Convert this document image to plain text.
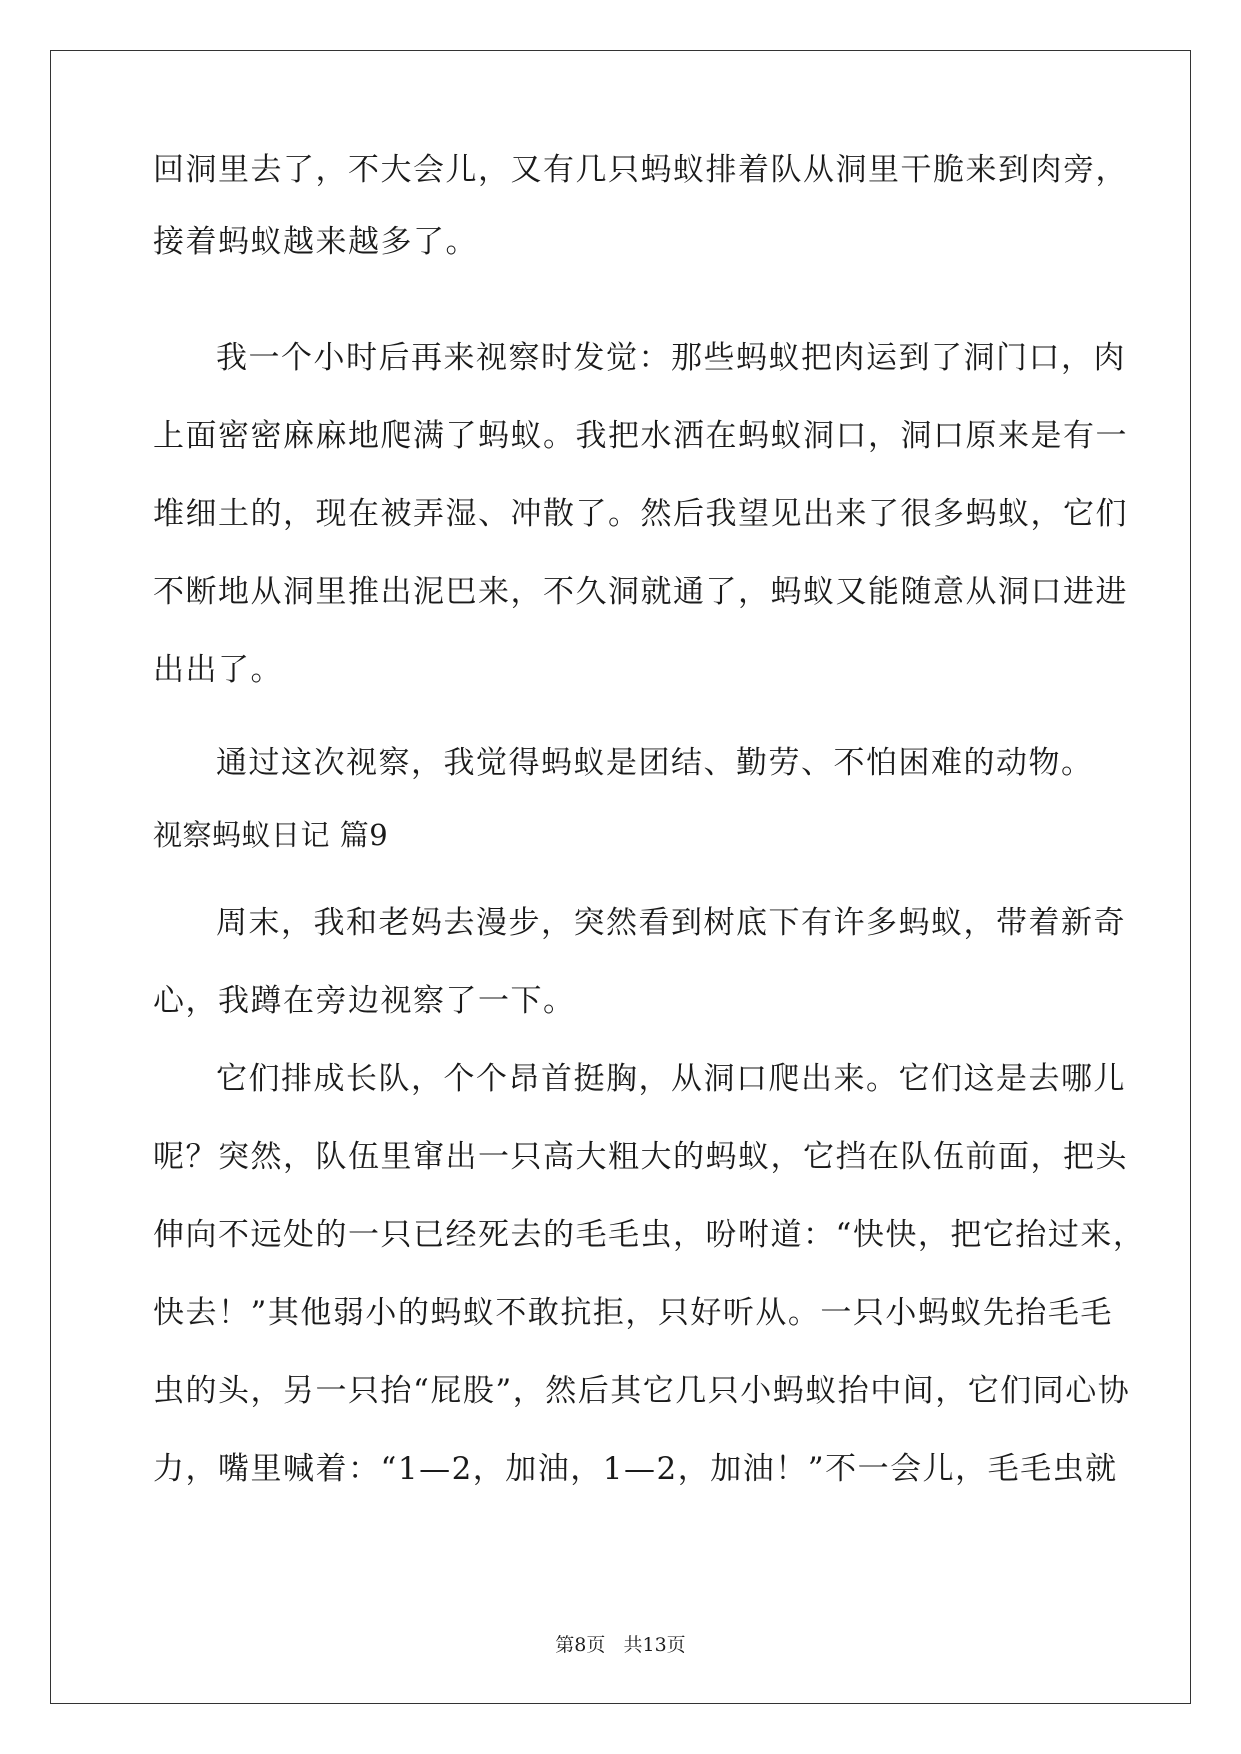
回洞里去了，不大会儿，又有几只蚂蚁排着队从洞里干脆来到肉旁，
接着蚂蚁越来越多了。
我一个小时后再来视察时发觉：那些蚂蚁把肉运到了洞门口，肉
上面密密麻麻地爬满了蚂蚁。我把水洒在蚂蚁洞口，洞口原来是有一
堆细土的，现在被弄湿、冲散了。然后我望见出来了很多蚂蚁，它们
不断地从洞里推出泥巴来，不久洞就通了，蚂蚁又能随意从洞口进进
出出了。
通过这次视察，我觉得蚂蚁是团结、勤劳、不怕困难的动物。
视察蚂蚁日记 篇9
周末，我和老妈去漫步，突然看到树底下有许多蚂蚁，带着新奇
心，我蹲在旁边视察了一下。
它们排成长队，个个昂首挺胸，从洞口爬出来。它们这是去哪儿
呢？突然，队伍里窜出一只高大粗大的蚂蚁，它挡在队伍前面，把头
伸向不远处的一只已经死去的毛毛虫，吩咐道：“快快，把它抬过来，
快去！”其他弱小的蚂蚁不敢抗拒，只好听从。一只小蚂蚁先抬毛毛
虫的头，另一只抬“屁股”，然后其它几只小蚂蚁抬中间，它们同心协
力，嘴里喊着：“1—2，加油，1—2，加油！”不一会儿，毛毛虫就
第8页   共13页
